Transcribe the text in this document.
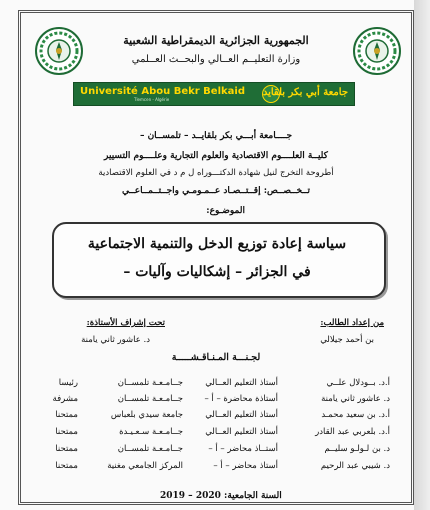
الجمهورية الجزائرية الديمقراطية الشعبية
وزارة التعليــم العــالي والبحــث العــلمي
Université Abou Bekr Belkaid
Tlemcen - Algérie
جامعة أبي بكر بلقايد
جــــامعة أبـــي بكر بلقايــد – تلمســان –
كليــة العلــــوم الاقتصادية والعلوم التجارية وعلــــوم التسيير
أطروحة التخرج لنيل شهادة الدكتـــوراه ل م د في العلوم الاقتصادية
تــخــصــص: إقــتــصـاد عــمـومـي واجــتــمــاعــي
الموضـوع:
سياسة إعادة توزيع الدخل والتنمية الاجتماعية
في الجزائر – إشكاليات وآليات –
من إعداد الطالب:
بن أحمد جيلالي
تحت إشراف الأستاذة:
د. عاشور ثاني يامنة
لجـنـــة المـنـاقـشـــــة
أ.د. بــودلال علــي
أستاذ التعليم العــالي
جــامـعـة تلمســان
رئيسا
د. عاشور ثاني يامنة
أستاذة محاضرة – أ –
جــامـعـة تلمســان
مشرفة
أ.د. بن سعيد محمـد
أستاذ التعليم العــالي
جامعة سيدي بلعباس
ممتحنا
أ.د. بلعربي عبد القادر
أستاذ التعليم العــالي
جــامـعـة سـعـيـدة
ممتحنا
د. بن لـولـو سليــم
أستــاذ محاضر – أ –
جــامـعـة تلمســان
ممتحنا
د. شيبي عبد الرحيم
أستاذ محاضر – أ –
المركز الجامعي مغنية
ممتحنا
السنة الجامعية: 2019 – 2020
